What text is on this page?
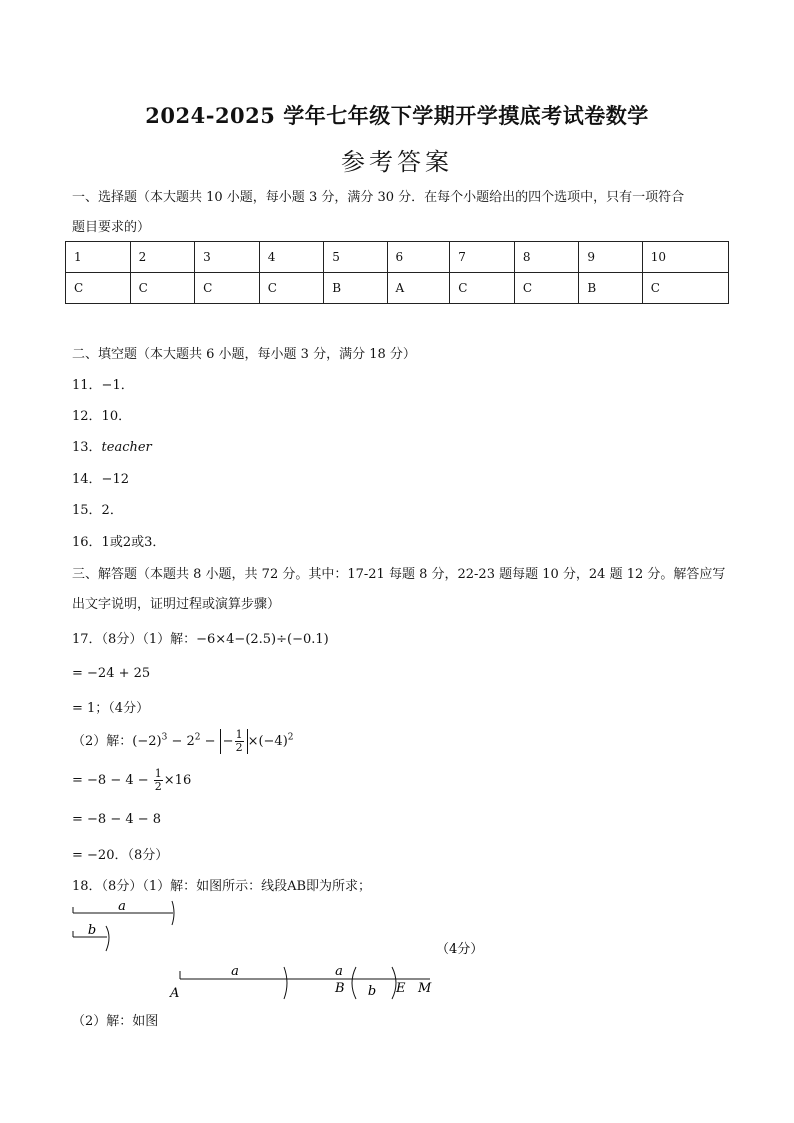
2024-2025 学年七年级下学期开学摸底考试卷数学
参考答案
一、选择题（本大题共 10 小题，每小题 3 分，满分 30 分．在每个小题给出的四个选项中，只有一项符合
题目要求的）
1	2	3	4	5	6	7	8	9	10
C	C	C	C	B	A	C	C	B	C
二、填空题（本大题共 6 小题，每小题 3 分，满分 18 分）
11．−1．
12．10．
13．teacher
14．−12
15．2．
16．1或2或3．
三、解答题（本题共 8 小题，共 72 分。其中：17-21 每题 8 分，22-23 题每题 10 分，24 题 12 分。解答应写
出文字说明，证明过程或演算步骤）
17．（8分）（1）解：−6×4−(2.5)÷(−0.1)
= −24 + 25
= 1；（4分）
（2）解：$(-2)^3 - 2^2$ − − $\frac{1}{2} \times(-4)^2$
= $-8 - 4 - \frac{1}{2} \times 16$
= −8 − 4 − 8
= −20．（8分）
18．（8分）（1）解：如图所示：线段AB即为所求；
a
b
（4分）
a	a
b
A	B	E M
（2）解：如图
